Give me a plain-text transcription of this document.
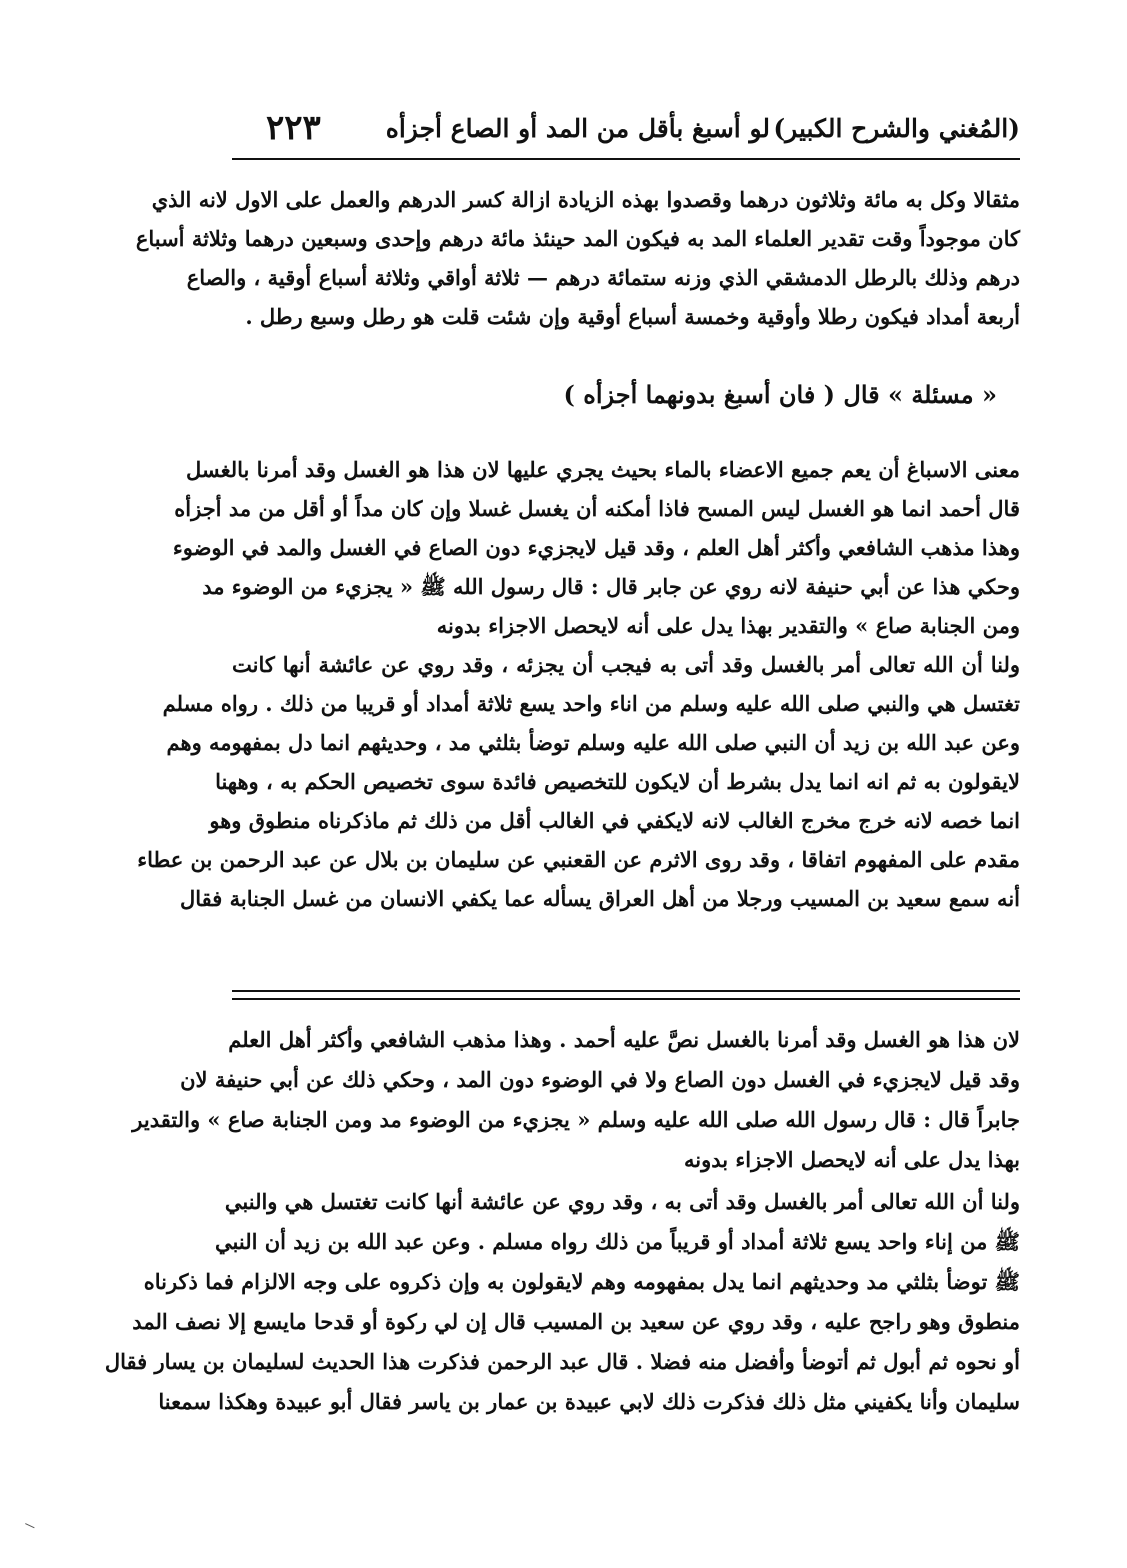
(المُغني والشرح الكبير)
لو أسبغ بأقل من المد أو الصاع أجزأه
٢٢٣
مثقالا وكل به مائة وثلاثون درهما وقصدوا بهذه الزيادة ازالة كسر الدرهم والعمل على الاول لانه الذي
كان موجوداً وقت تقدير العلماء المد به فيكون المد حينئذ مائة درهم وإحدى وسبعين درهما وثلاثة أسباع
درهم وذلك بالرطل الدمشقي الذي وزنه ستمائة درهم — ثلاثة أواقي وثلاثة أسباع أوقية ، والصاع
أربعة أمداد فيكون رطلا وأوقية وخمسة أسباع أوقية وإن شئت قلت هو رطل وسبع رطل .
« مسئلة » قال ( فان أسبغ بدونهما أجزأه )
معنى الاسباغ أن يعم جميع الاعضاء بالماء بحيث يجري عليها لان هذا هو الغسل وقد أمرنا بالغسل
قال أحمد انما هو الغسل ليس المسح فاذا أمكنه أن يغسل غسلا وإن كان مداً أو أقل من مد أجزأه
وهذا مذهب الشافعي وأكثر أهل العلم ، وقد قيل لايجزيء دون الصاع في الغسل والمد في الوضوء
وحكي هذا عن أبي حنيفة لانه روي عن جابر قال : قال رسول الله ﷺ « يجزيء من الوضوء مد
ومن الجنابة صاع » والتقدير بهذا يدل على أنه لايحصل الاجزاء بدونه
ولنا أن الله تعالى أمر بالغسل وقد أتى به فيجب أن يجزئه ، وقد روي عن عائشة أنها كانت
تغتسل هي والنبي صلى الله عليه وسلم من اناء واحد يسع ثلاثة أمداد أو قريبا من ذلك . رواه مسلم
وعن عبد الله بن زيد أن النبي صلى الله عليه وسلم توضأ بثلثي مد ، وحديثهم انما دل بمفهومه وهم
لايقولون به ثم انه انما يدل بشرط أن لايكون للتخصيص فائدة سوى تخصيص الحكم به ، وههنا
انما خصه لانه خرج مخرج الغالب لانه لايكفي في الغالب أقل من ذلك ثم ماذكرناه منطوق وهو
مقدم على المفهوم اتفاقا ، وقد روى الاثرم عن القعنبي عن سليمان بن بلال عن عبد الرحمن بن عطاء
أنه سمع سعيد بن المسيب ورجلا من أهل العراق يسأله عما يكفي الانسان من غسل الجنابة فقال
لان هذا هو الغسل وقد أمرنا بالغسل نصَّ عليه أحمد . وهذا مذهب الشافعي وأكثر أهل العلم
وقد قيل لايجزيء في الغسل دون الصاع ولا في الوضوء دون المد ، وحكي ذلك عن أبي حنيفة لان
جابراً قال : قال رسول الله صلى الله عليه وسلم « يجزيء من الوضوء مد ومن الجنابة صاع » والتقدير
بهذا يدل على أنه لايحصل الاجزاء بدونه
ولنا أن الله تعالى أمر بالغسل وقد أتى به ، وقد روي عن عائشة أنها كانت تغتسل هي والنبي
ﷺ من إناء واحد يسع ثلاثة أمداد أو قريباً من ذلك رواه مسلم . وعن عبد الله بن زيد أن النبي
ﷺ توضأ بثلثي مد وحديثهم انما يدل بمفهومه وهم لايقولون به وإن ذكروه على وجه الالزام فما ذكرناه
منطوق وهو راجح عليه ، وقد روي عن سعيد بن المسيب قال إن لي ركوة أو قدحا مايسع إلا نصف المد
أو نحوه ثم أبول ثم أتوضأ وأفضل منه فضلا . قال عبد الرحمن فذكرت هذا الحديث لسليمان بن يسار فقال
سليمان وأنا يكفيني مثل ذلك فذكرت ذلك لابي عبيدة بن عمار بن ياسر فقال أبو عبيدة وهكذا سمعنا
